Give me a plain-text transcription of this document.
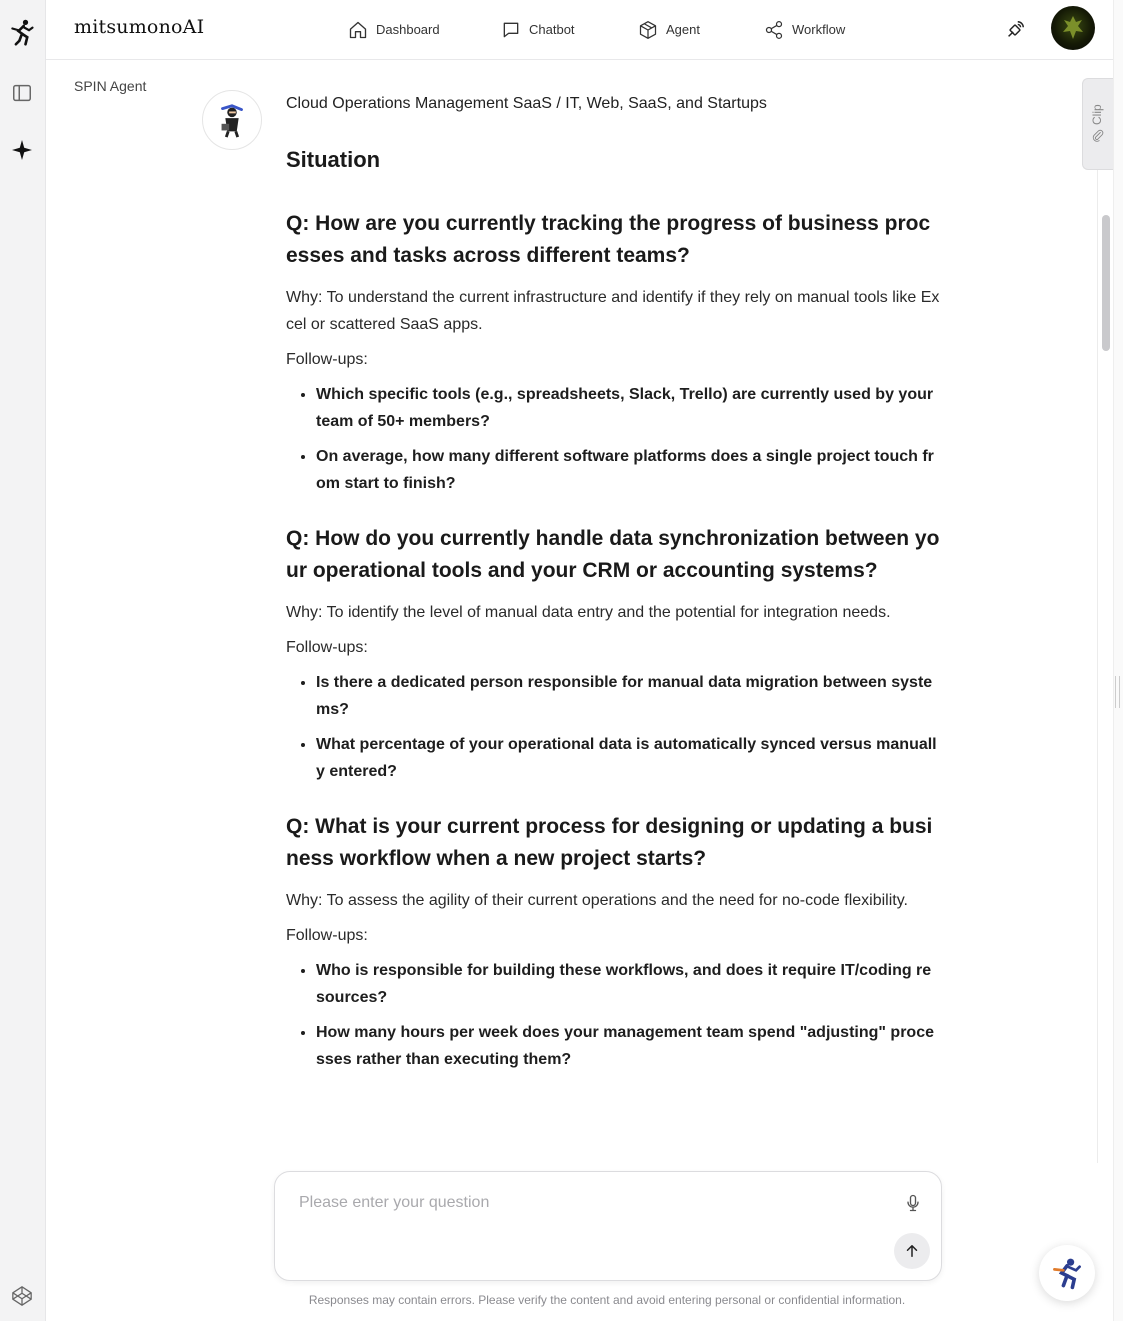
mitsumonoAI	Dashboard	Chatbot	Agent	Workflow
SPIN Agent
Cloud Operations Management SaaS / IT, Web, SaaS, and Startups
Situation
Q: How are you currently tracking the progress of business processes and tasks across different teams?

Why: To understand the current infrastructure and identify if they rely on manual tools like Excel or scattered SaaS apps.

Follow-ups:

• Which specific tools (e.g., spreadsheets, Slack, Trello) are currently used by your team of 50+ members?
• On average, how many different software platforms does a single project touch from start to finish?
Q: How do you currently handle data synchronization between your operational tools and your CRM or accounting systems?

Why: To identify the level of manual data entry and the potential for integration needs.

Follow-ups:

• Is there a dedicated person responsible for manual data migration between systems?
• What percentage of your operational data is automatically synced versus manually entered?
Q: What is your current process for designing or updating a business workflow when a new project starts?

Why: To assess the agility of their current operations and the need for no-code flexibility.

Follow-ups:

• Who is responsible for building these workflows, and does it require IT/coding resources?
• How many hours per week does your management team spend "adjusting" processes rather than executing them?
Clip
Please enter your question
Responses may contain errors. Please verify the content and avoid entering personal or confidential information.
